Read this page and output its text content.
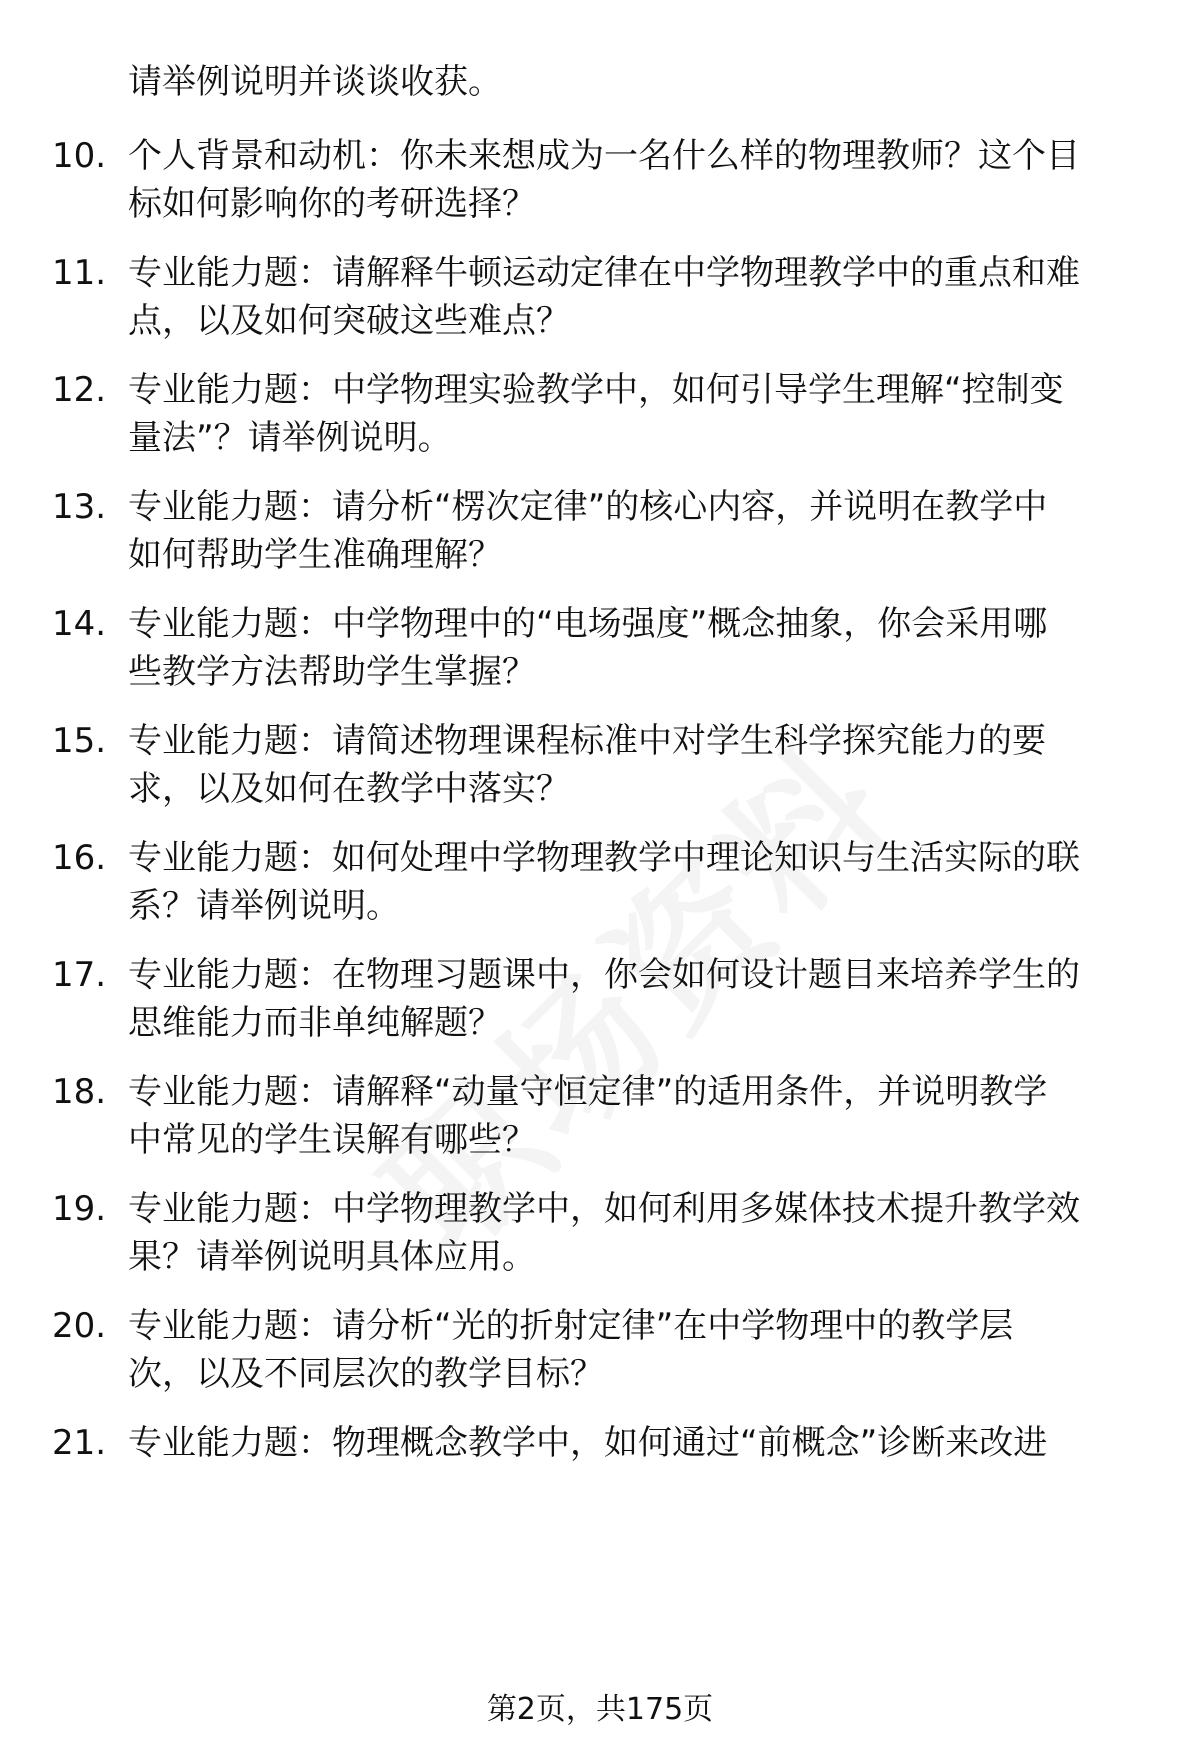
请举例说明并谈谈收获。
10. 个人背景和动机：你未来想成为一名什么样的物理教师？这个目
标如何影响你的考研选择？
11. 专业能力题：请解释牛顿运动定律在中学物理教学中的重点和难
点，以及如何突破这些难点？
12. 专业能力题：中学物理实验教学中，如何引导学生理解“控制变
量法”？请举例说明。
13. 专业能力题：请分析“楞次定律”的核心内容，并说明在教学中
如何帮助学生准确理解？
14. 专业能力题：中学物理中的“电场强度”概念抽象，你会采用哪
些教学方法帮助学生掌握？
15. 专业能力题：请简述物理课程标准中对学生科学探究能力的要
求，以及如何在教学中落实？
16. 专业能力题：如何处理中学物理教学中理论知识与生活实际的联
系？请举例说明。
17. 专业能力题：在物理习题课中，你会如何设计题目来培养学生的
思维能力而非单纯解题？
18. 专业能力题：请解释“动量守恒定律”的适用条件，并说明教学
中常见的学生误解有哪些？
19. 专业能力题：中学物理教学中，如何利用多媒体技术提升教学效
果？请举例说明具体应用。
20. 专业能力题：请分析“光的折射定律”在中学物理中的教学层
次，以及不同层次的教学目标？
21. 专业能力题：物理概念教学中，如何通过“前概念”诊断来改进
第2页，共175页
